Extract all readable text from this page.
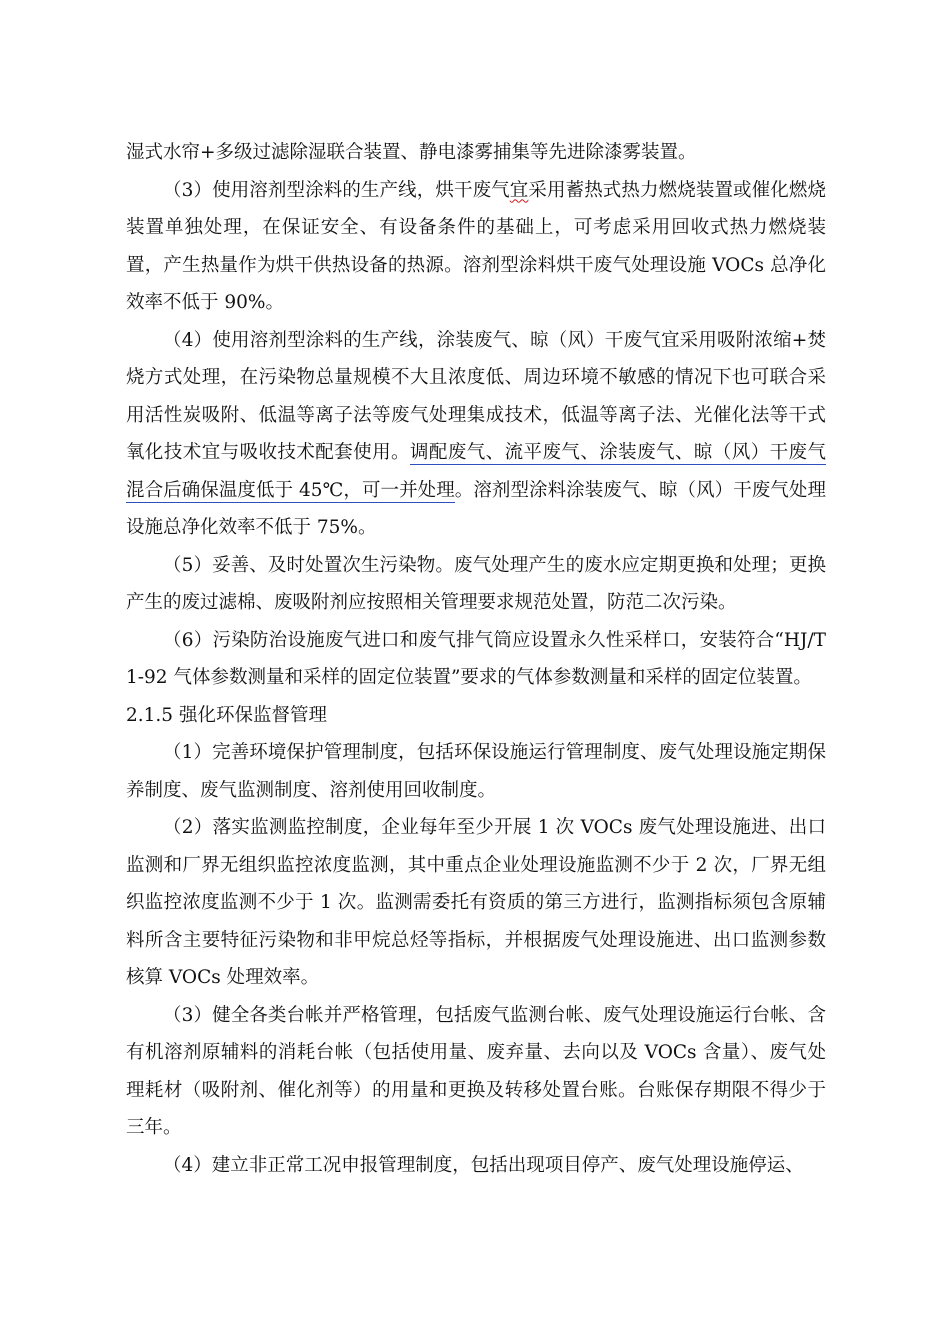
湿式水帘+多级过滤除湿联合装置、静电漆雾捕集等先进除漆雾装置。

（3）使用溶剂型涂料的生产线，烘干废气宜采用蓄热式热力燃烧装置或催化燃烧装置单独处理，在保证安全、有设备条件的基础上，可考虑采用回收式热力燃烧装置，产生热量作为烘干供热设备的热源。溶剂型涂料烘干废气处理设施 VOCs 总净化效率不低于 90%。

（4）使用溶剂型涂料的生产线，涂装废气、晾（风）干废气宜采用吸附浓缩+焚烧方式处理，在污染物总量规模不大且浓度低、周边环境不敏感的情况下也可联合采用活性炭吸附、低温等离子法等废气处理集成技术，低温等离子法、光催化法等干式氧化技术宜与吸收技术配套使用。调配废气、流平废气、涂装废气、晾（风）干废气混合后确保温度低于 45℃，可一并处理。溶剂型涂料涂装废气、晾（风）干废气处理设施总净化效率不低于 75%。

（5）妥善、及时处置次生污染物。废气处理产生的废水应定期更换和处理；更换产生的废过滤棉、废吸附剂应按照相关管理要求规范处置，防范二次污染。

（6）污染防治设施废气进口和废气排气筒应设置永久性采样口，安装符合“HJ/T 1-92 气体参数测量和采样的固定位装置”要求的气体参数测量和采样的固定位装置。

2.1.5 强化环保监督管理

（1）完善环境保护管理制度，包括环保设施运行管理制度、废气处理设施定期保养制度、废气监测制度、溶剂使用回收制度。

（2）落实监测监控制度，企业每年至少开展 1 次 VOCs 废气处理设施进、出口监测和厂界无组织监控浓度监测，其中重点企业处理设施监测不少于 2 次，厂界无组织监控浓度监测不少于 1 次。监测需委托有资质的第三方进行，监测指标须包含原辅料所含主要特征污染物和非甲烷总烃等指标，并根据废气处理设施进、出口监测参数核算 VOCs 处理效率。

（3）健全各类台帐并严格管理，包括废气监测台帐、废气处理设施运行台帐、含有机溶剂原辅料的消耗台帐（包括使用量、废弃量、去向以及 VOCs 含量）、废气处理耗材（吸附剂、催化剂等）的用量和更换及转移处置台账。台账保存期限不得少于三年。

（4）建立非正常工况申报管理制度，包括出现项目停产、废气处理设施停运、
